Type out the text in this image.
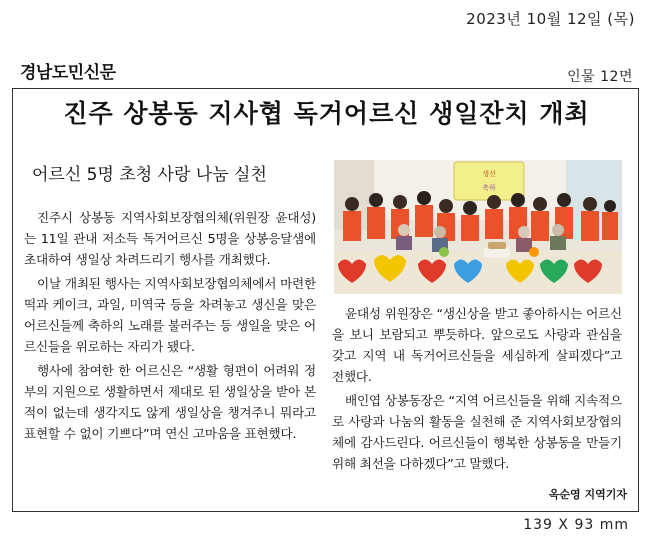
2023년 10월 12일 (목)
경남도민신문	인물 12면
진주 상봉동 지사협 독거어르신 생일잔치 개최
어르신 5명 초청 사랑 나눔 실천	생신
축하

진주시 상봉동 지역사회보장협의체(위원장 윤대성)는 11일 관내 저소득 독거어르신 5명을 상봉응달샘에 초대하여 생일상 차려드리기 행사를 개최했다.

이날 개최된 행사는 지역사회보장협의체에서 마련한 떡과 케이크, 과일, 미역국 등을 차려놓고 생신을 맞은 어르신들께 축하의 노래를 불러주는 등 생일을 맞은 어르신들을 위로하는 자리가 됐다.

행사에 참여한 한 어르신은 “생활 형편이 어려워 정부의 지원으로 생활하면서 제대로 된 생일상을 받아 본 적이 없는데 생각지도 않게 생일상을 챙겨주니 뭐라고 표현할 수 없이 기쁘다”며 연신 고마움을 표현했다.

윤대성 위원장은 “생신상을 받고 좋아하시는 어르신을 보니 보람되고 뿌듯하다. 앞으로도 사랑과 관심을 갖고 지역 내 독거어르신들을 세심하게 살피겠다”고 전했다.

배인엽 상봉동장은 “지역 어르신들을 위해 지속적으로 사랑과 나눔의 활동을 실천해 준 지역사회보장협의체에 감사드린다. 어르신들이 행복한 상봉동을 만들기 위해 최선을 다하겠다”고 말했다.

옥순영 지역기자
139 X 93 mm
